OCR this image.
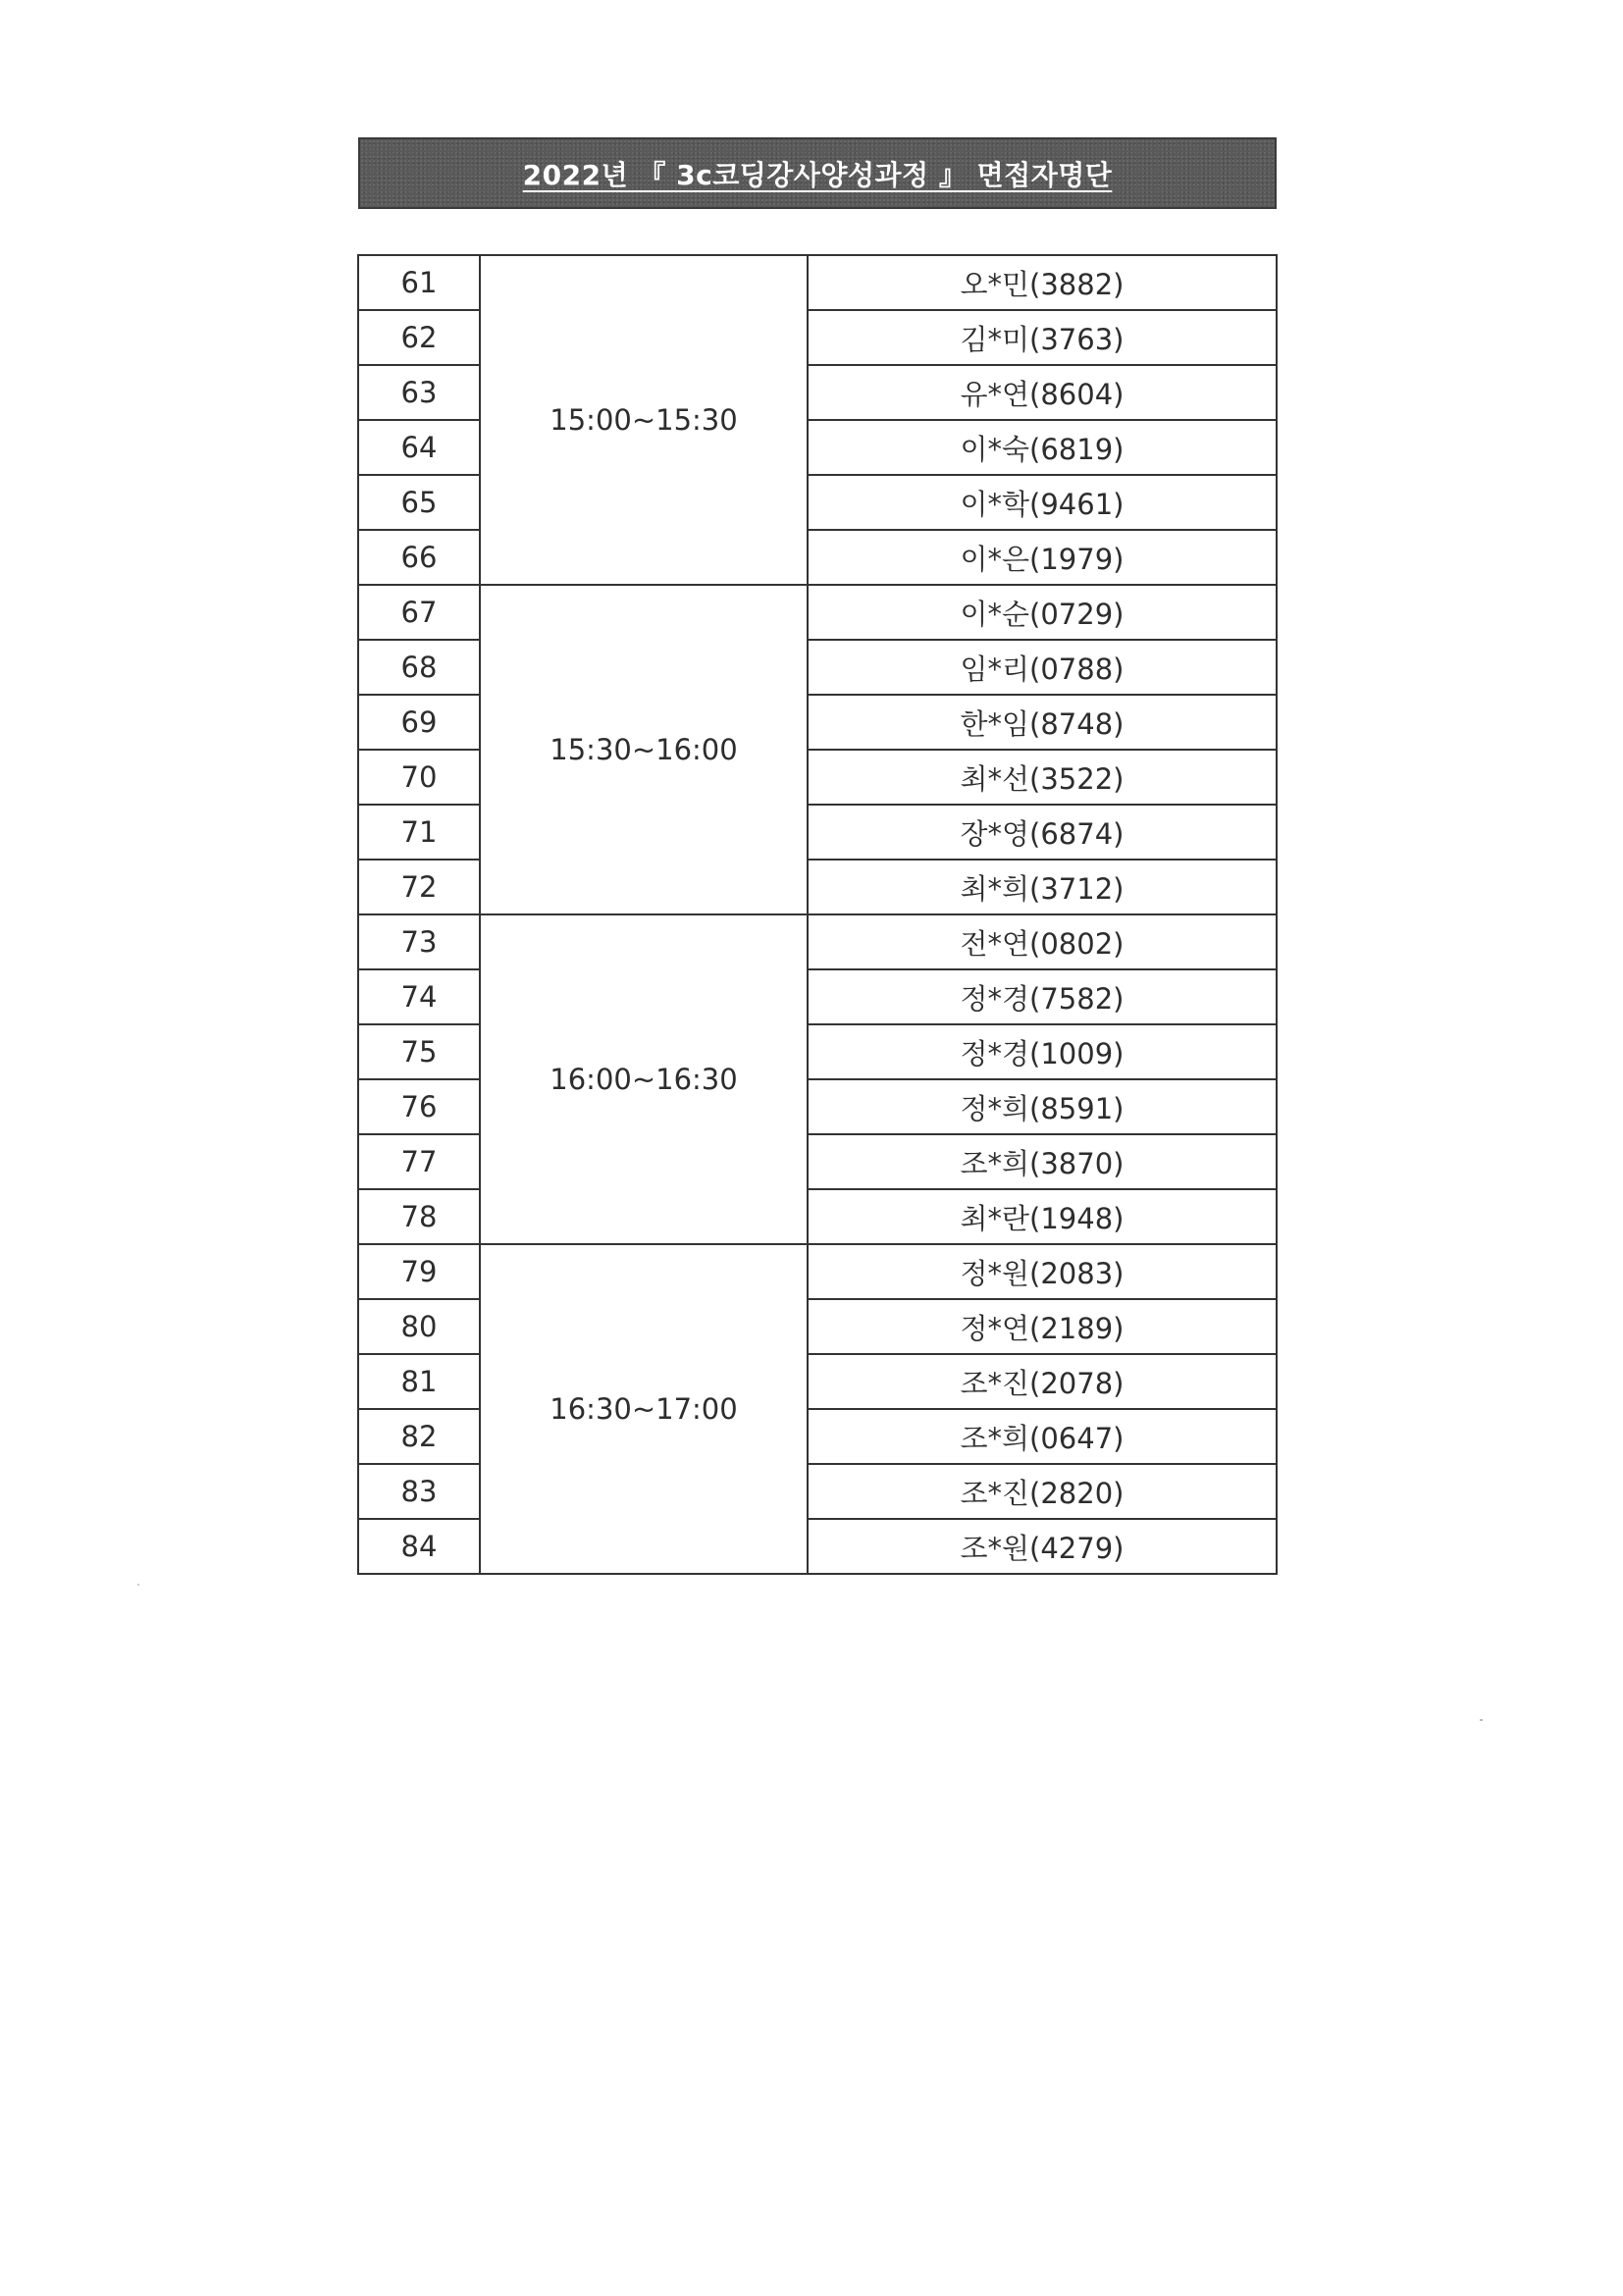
2022년 『 3c코딩강사양성과정 』 면접자명단
61	15:00~15:30	오*민(3882)
62		김*미(3763)
63		유*연(8604)
64		이*숙(6819)
65		이*학(9461)
66		이*은(1979)
67	15:30~16:00	이*순(0729)
68		임*리(0788)
69		한*임(8748)
70		최*선(3522)
71		장*영(6874)
72		최*희(3712)
73	16:00~16:30	전*연(0802)
74		정*경(7582)
75		정*경(1009)
76		정*희(8591)
77		조*희(3870)
78		최*란(1948)
79	16:30~17:00	정*원(2083)
80		정*연(2189)
81		조*진(2078)
82		조*희(0647)
83		조*진(2820)
84		조*원(4279)
